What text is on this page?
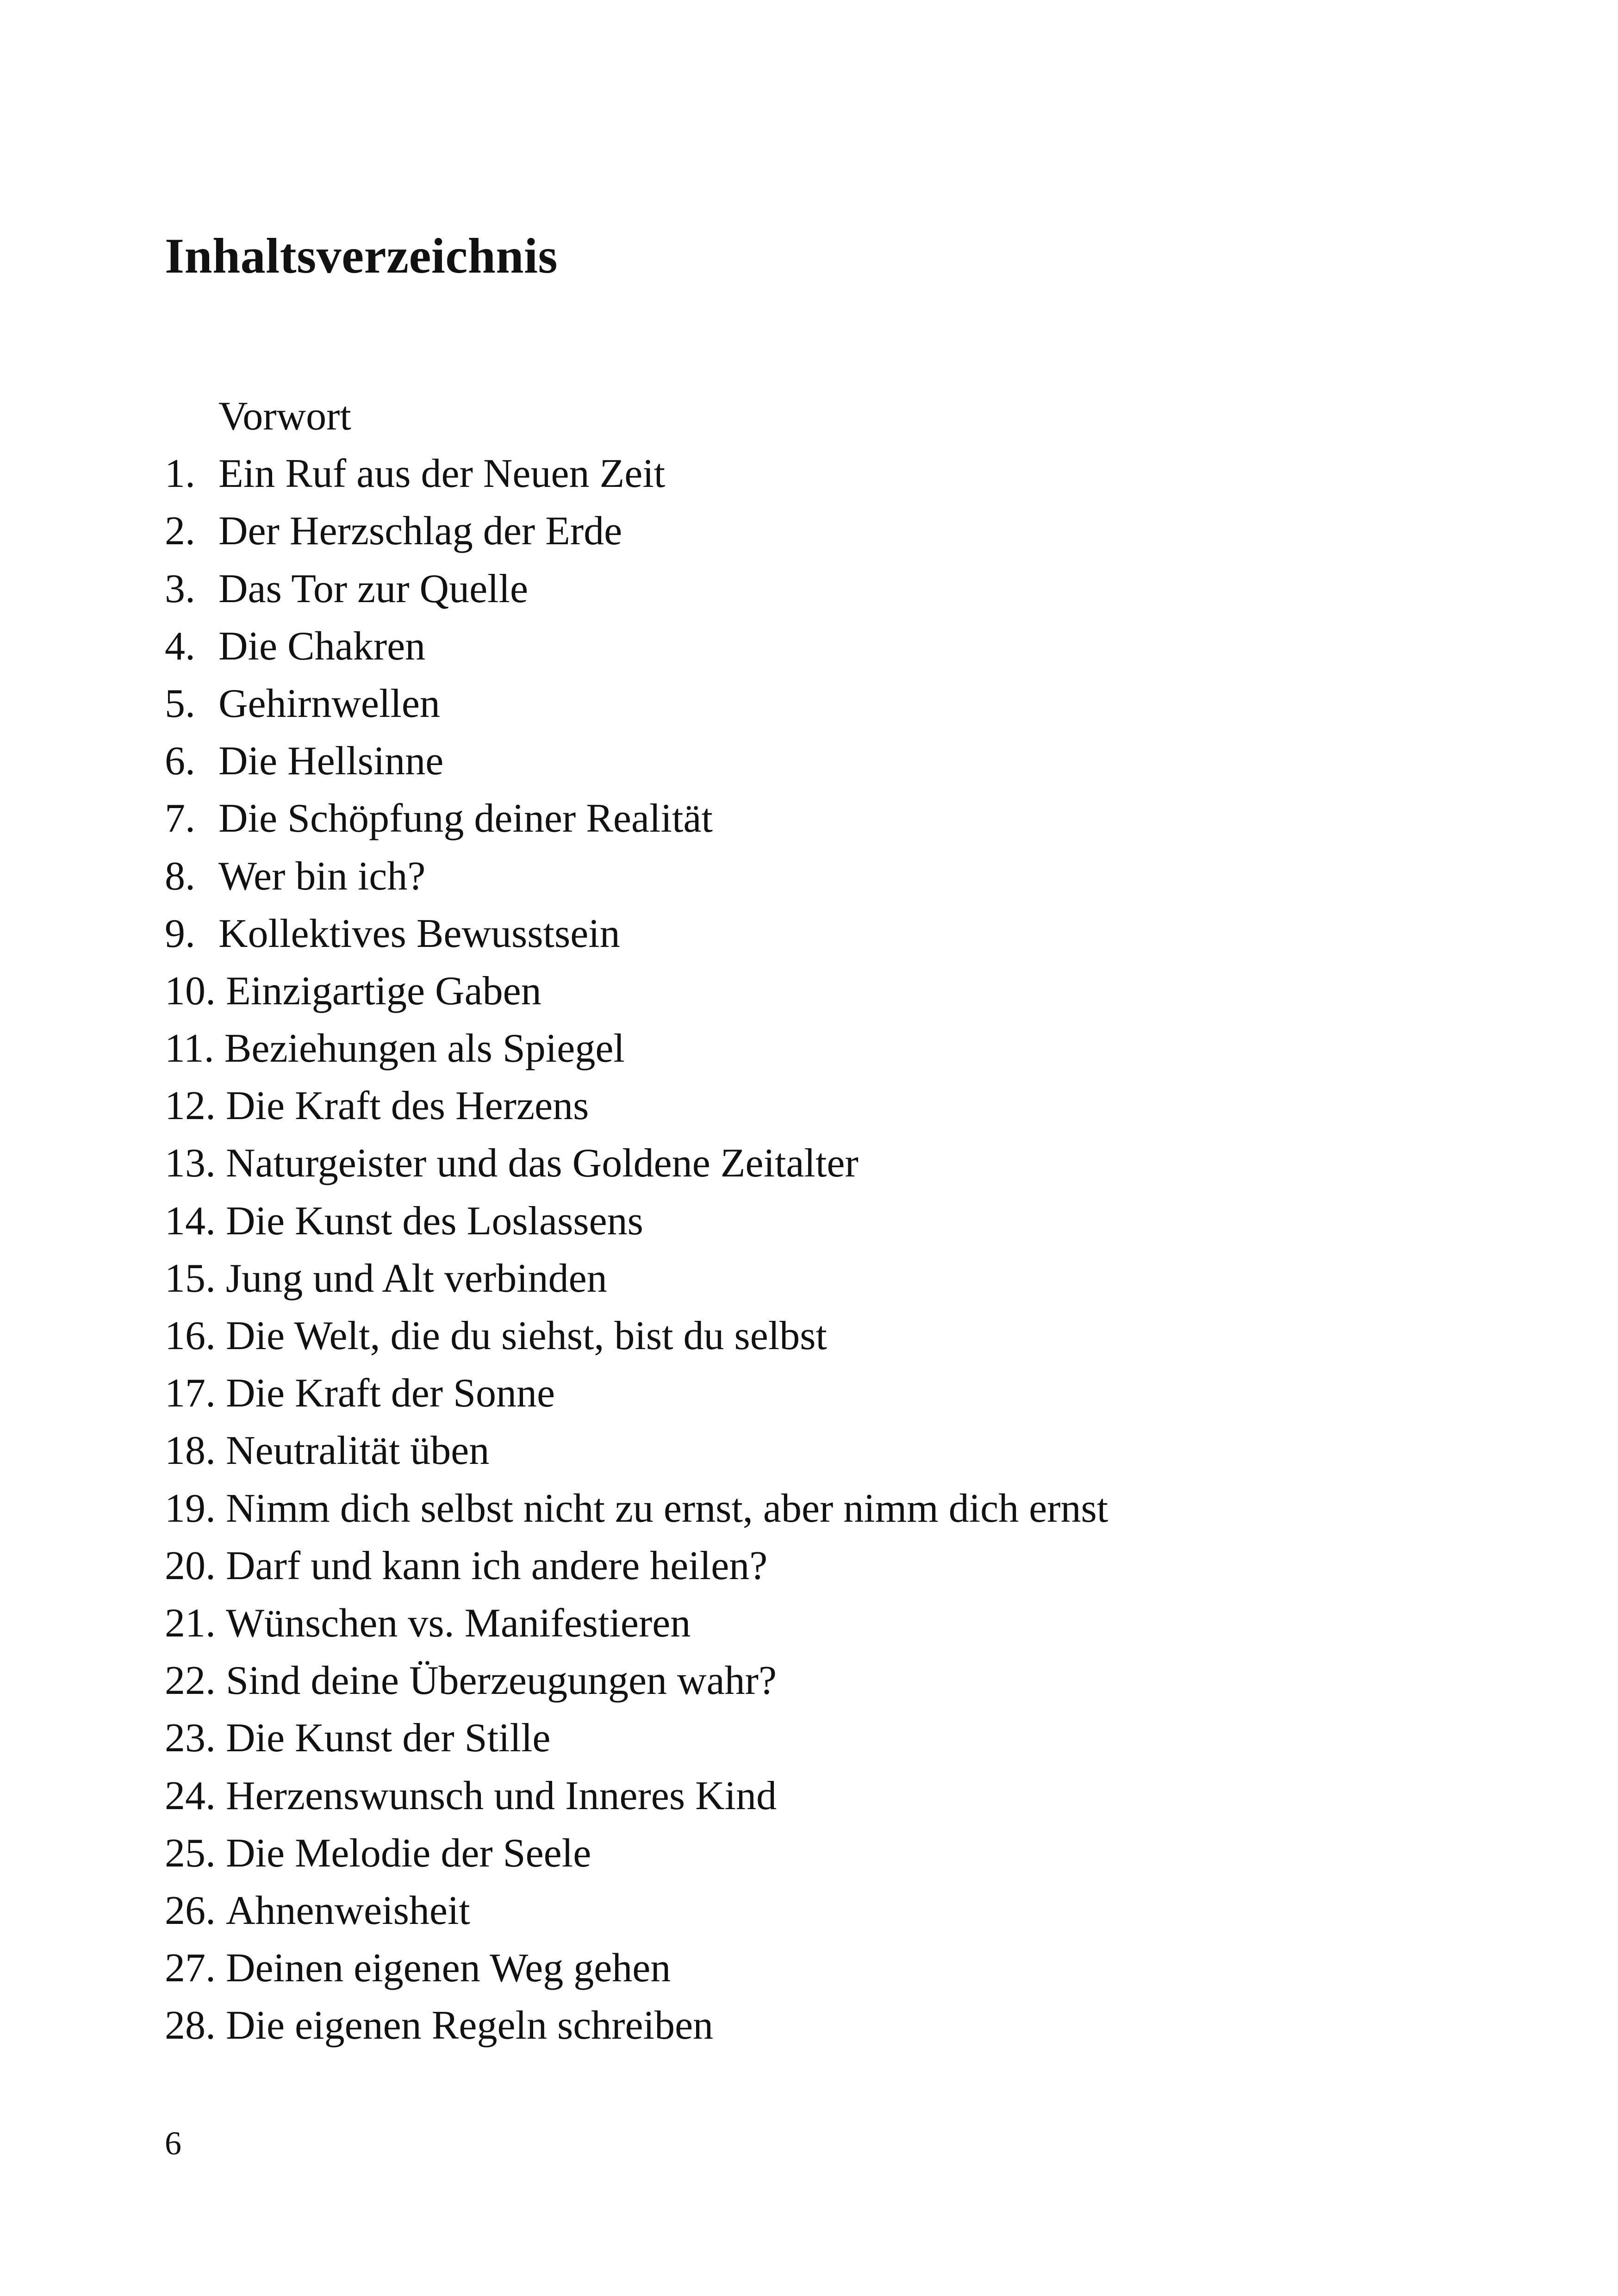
Inhaltsverzeichnis
Vorwort
1. Ein Ruf aus der Neuen Zeit
2. Der Herzschlag der Erde
3. Das Tor zur Quelle
4. Die Chakren
5. Gehirnwellen
6. Die Hellsinne
7. Die Schöpfung deiner Realität
8. Wer bin ich?
9. Kollektives Bewusstsein
10. Einzigartige Gaben
11. Beziehungen als Spiegel
12. Die Kraft des Herzens
13. Naturgeister und das Goldene Zeitalter
14. Die Kunst des Loslassens
15. Jung und Alt verbinden
16. Die Welt, die du siehst, bist du selbst
17. Die Kraft der Sonne
18. Neutralität üben
19. Nimm dich selbst nicht zu ernst, aber nimm dich ernst
20. Darf und kann ich andere heilen?
21. Wünschen vs. Manifestieren
22. Sind deine Überzeugungen wahr?
23. Die Kunst der Stille
24. Herzenswunsch und Inneres Kind
25. Die Melodie der Seele
26. Ahnenweisheit
27. Deinen eigenen Weg gehen
28. Die eigenen Regeln schreiben
6
